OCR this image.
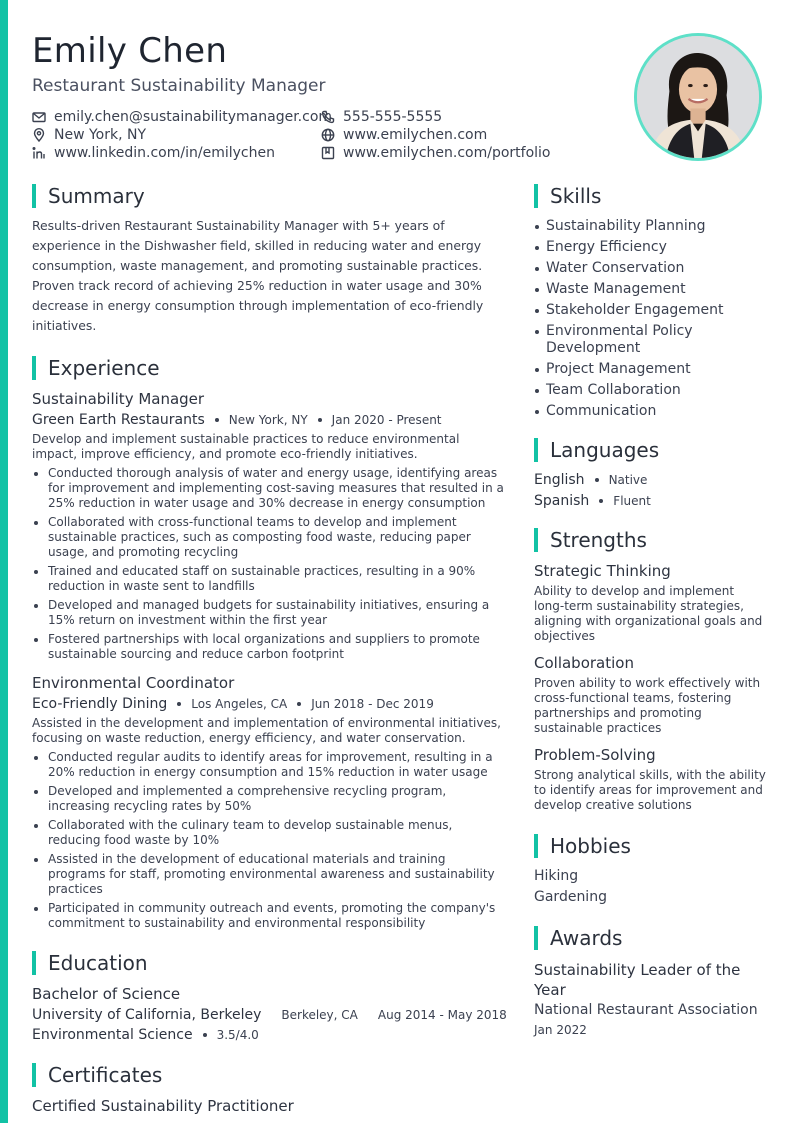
Emily Chen
Restaurant Sustainability Manager
emily.chen@sustainabilitymanager.com 555-555-5555
New York, NY	www.emilychen.com
www.linkedin.com/in/emilychen	www.emilychen.com/portfolio
Summary

Results-driven Restaurant Sustainability Manager with 5+ years of experience in the Dishwasher field, skilled in reducing water and energy consumption, waste management, and promoting sustainable practices. Proven track record of achieving 25% reduction in water usage and 30% decrease in energy consumption through implementation of eco-friendly initiatives.

Experience
Sustainability Manager
Green Earth Restaurants New York, NY Jan 2020 - Present
Develop and implement sustainable practices to reduce environmental impact, improve efficiency, and promote eco-friendly initiatives.
Conducted thorough analysis of water and energy usage, identifying areas for improvement and implementing cost-saving measures that resulted in a 25% reduction in water usage and 30% decrease in energy consumption
Collaborated with cross-functional teams to develop and implement sustainable practices, such as composting food waste, reducing paper usage, and promoting recycling
Trained and educated staff on sustainable practices, resulting in a 90% reduction in waste sent to landfills
Developed and managed budgets for sustainability initiatives, ensuring a 15% return on investment within the first year
Fostered partnerships with local organizations and suppliers to promote sustainable sourcing and reduce carbon footprint
Environmental Coordinator
Eco-Friendly Dining Los Angeles, CA Jun 2018 - Dec 2019
Assisted in the development and implementation of environmental initiatives, focusing on waste reduction, energy efficiency, and water conservation.
Conducted regular audits to identify areas for improvement, resulting in a 20% reduction in energy consumption and 15% reduction in water usage
Developed and implemented a comprehensive recycling program, increasing recycling rates by 50%
Collaborated with the culinary team to develop sustainable menus, reducing food waste by 10%
Assisted in the development of educational materials and training programs for staff, promoting environmental awareness and sustainability practices
Participated in community outreach and events, promoting the company's commitment to sustainability and environmental responsibility
Education
Bachelor of Science
University of California, Berkeley Berkeley, CA Aug 2014 - May 2018
Environmental Science 3.5/4.0
Certificates
Certified Sustainability Practitioner
Skills
Sustainability Planning
Energy Efficiency
Water Conservation
Waste Management
Stakeholder Engagement
Environmental Policy Development
Project Management
Team Collaboration
Communication
Languages
English Native
Spanish Fluent
Strengths
Strategic Thinking
Ability to develop and implement long-term sustainability strategies, aligning with organizational goals and objectives
Collaboration
Proven ability to work effectively with cross-functional teams, fostering partnerships and promoting sustainable practices
Problem-Solving
Strong analytical skills, with the ability to identify areas for improvement and develop creative solutions
Hobbies
Hiking
Gardening
Awards
Sustainability Leader of the Year
National Restaurant Association
Jan 2022
